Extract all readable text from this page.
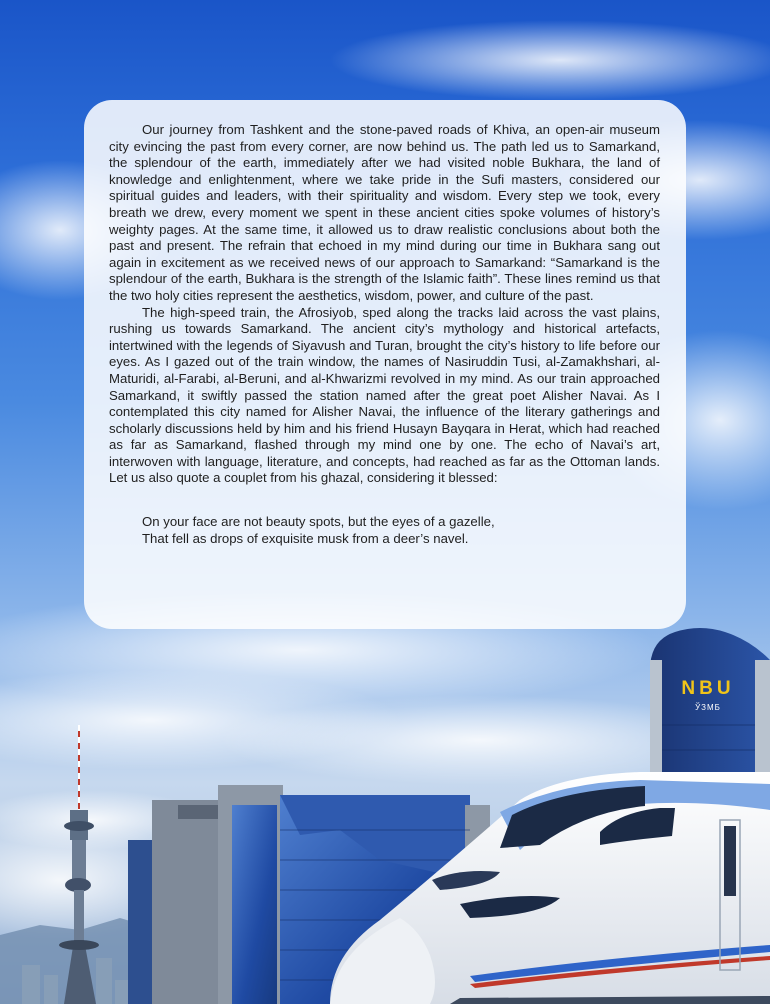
NBU
ЎЗМБ

Our journey from Tashkent and the stone-paved roads of Khiva, an open-air museum city evincing the past from every corner, are now behind us. The path led us to Samarkand, the splendour of the earth, immediately after we had visited noble Bukhara, the land of knowledge and enlightenment, where we take pride in the Sufi masters, considered our spiritual guides and leaders, with their spirituality and wisdom. Every step we took, every breath we drew, every moment we spent in these ancient cities spoke volumes of history’s weighty pages. At the same time, it allowed us to draw realistic conclusions about both the past and present. The refrain that echoed in my mind during our time in Bukhara sang out again in excitement as we received news of our approach to Samarkand: “Samarkand is the splendour of the earth, Bukhara is the strength of the Islamic faith”. These lines remind us that the two holy cities represent the aesthetics, wisdom, power, and culture of the past.

The high-speed train, the Afrosiyob, sped along the tracks laid across the vast plains, rushing us towards Samarkand. The ancient city’s mythology and historical artefacts, intertwined with the legends of Siyavush and Turan, brought the city’s history to life before our eyes. As I gazed out of the train window, the names of Nasiruddin Tusi, al-Zamakhshari, al-Maturidi, al-Farabi, al-Beruni, and al-Khwarizmi revolved in my mind. As our train approached Samarkand, it swiftly passed the station named after the great poet Alisher Navai. As I contemplated this city named for Alisher Navai, the influence of the literary gatherings and scholarly discussions held by him and his friend Husayn Bayqara in Herat, which had reached as far as Samarkand, flashed through my mind one by one. The echo of Navai’s art, interwoven with language, literature, and concepts, had reached as far as the Ottoman lands. Let us also quote a couplet from his ghazal, considering it blessed:

On your face are not beauty spots, but the eyes of a gazelle,
That fell as drops of exquisite musk from a deer’s navel.
